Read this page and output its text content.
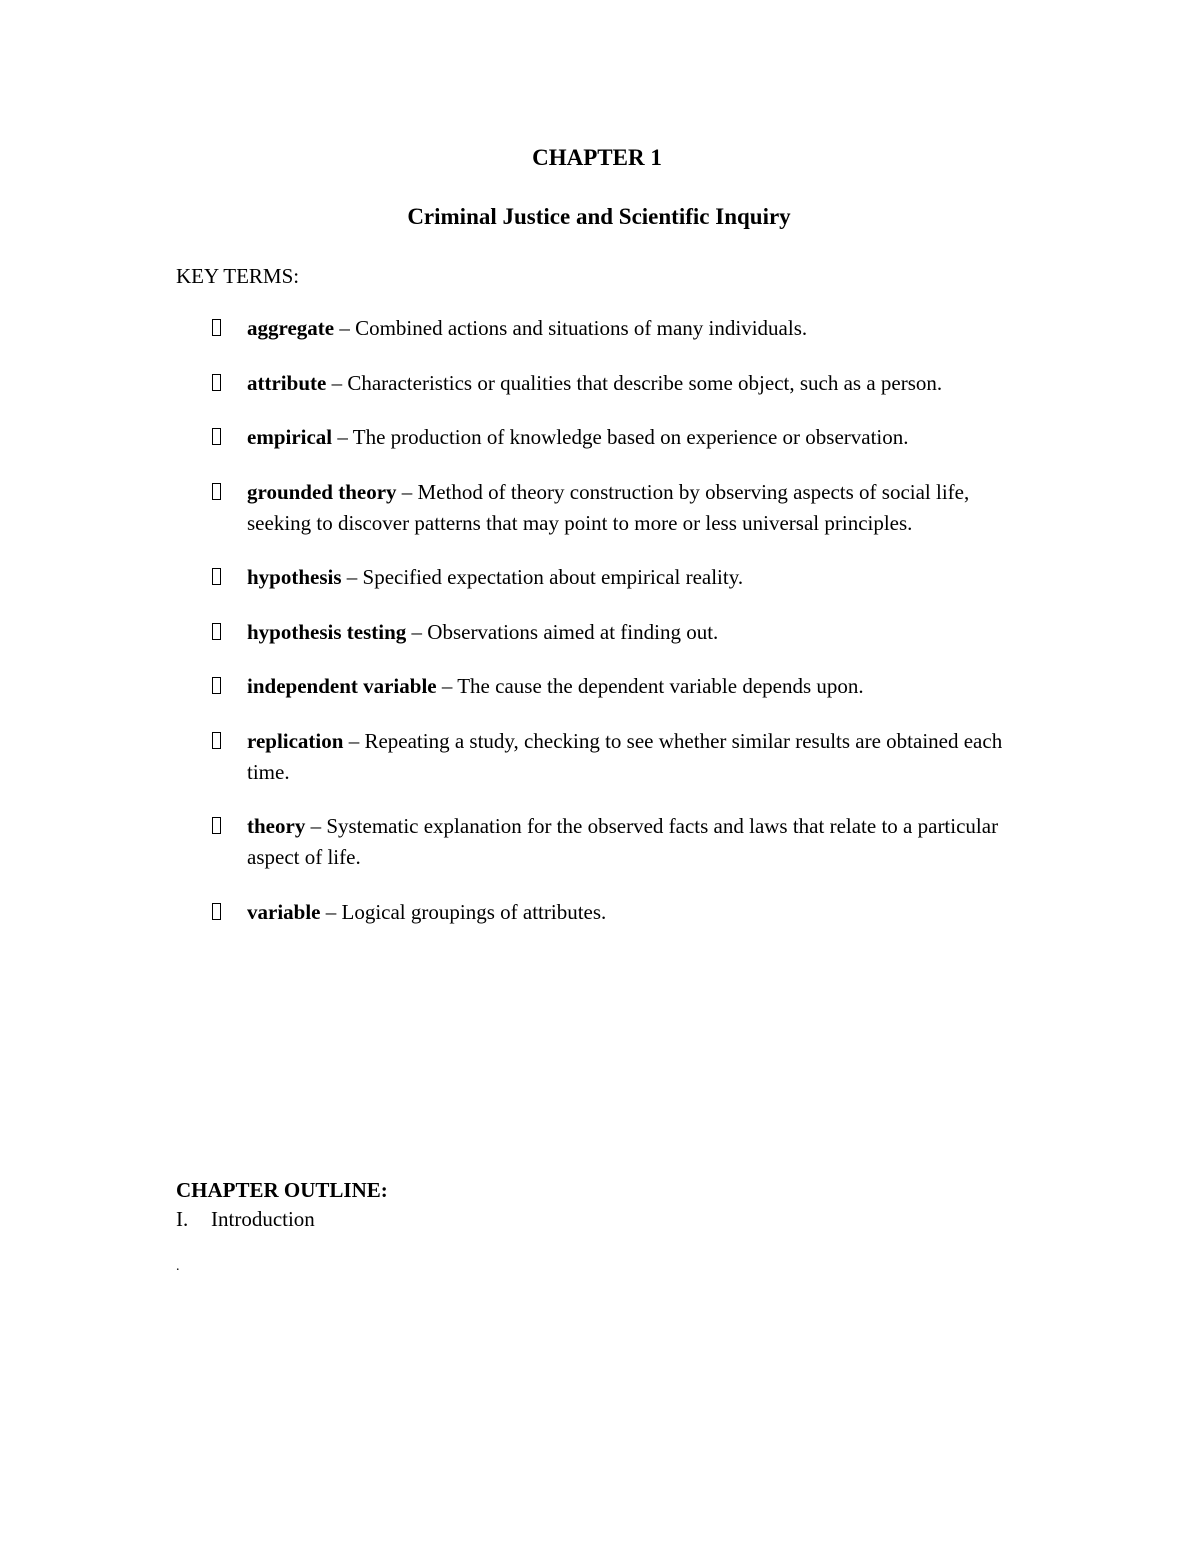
CHAPTER 1
Criminal Justice and Scientific Inquiry
KEY TERMS:
aggregate – Combined actions and situations of many individuals.
attribute – Characteristics or qualities that describe some object, such as a person.
empirical – The production of knowledge based on experience or observation.
grounded theory – Method of theory construction by observing aspects of social life, seeking to discover patterns that may point to more or less universal principles.
hypothesis – Specified expectation about empirical reality.
hypothesis testing – Observations aimed at finding out.
independent variable – The cause the dependent variable depends upon.
replication – Repeating a study, checking to see whether similar results are obtained each time.
theory – Systematic explanation for the observed facts and laws that relate to a particular aspect of life.
variable – Logical groupings of attributes.
CHAPTER OUTLINE:
I. Introduction
.
